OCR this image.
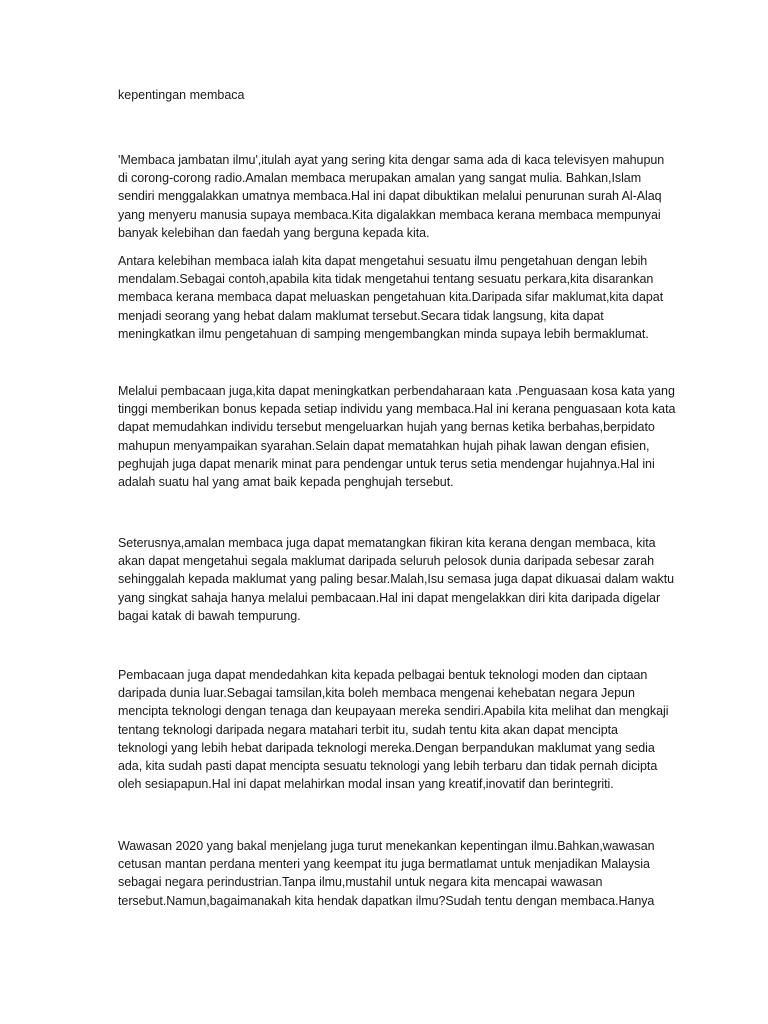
kepentingan membaca
'Membaca jambatan ilmu',itulah ayat yang sering kita dengar sama ada di kaca televisyen mahupun
di corong-corong radio.Amalan membaca merupakan amalan yang sangat mulia. Bahkan,Islam
sendiri menggalakkan umatnya membaca.Hal ini dapat dibuktikan melalui penurunan surah Al-Alaq
yang menyeru manusia supaya membaca.Kita digalakkan membaca kerana membaca mempunyai
banyak kelebihan dan faedah yang berguna kepada kita.
Antara kelebihan membaca ialah kita dapat mengetahui sesuatu ilmu pengetahuan dengan lebih
mendalam.Sebagai contoh,apabila kita tidak mengetahui tentang sesuatu perkara,kita disarankan
membaca kerana membaca dapat meluaskan pengetahuan kita.Daripada sifar maklumat,kita dapat
menjadi seorang yang hebat dalam maklumat tersebut.Secara tidak langsung, kita dapat
meningkatkan ilmu pengetahuan di samping mengembangkan minda supaya lebih bermaklumat.
Melalui pembacaan juga,kita dapat meningkatkan perbendaharaan kata .Penguasaan kosa kata yang
tinggi memberikan bonus kepada setiap individu yang membaca.Hal ini kerana penguasaan kota kata
dapat memudahkan individu tersebut mengeluarkan hujah yang bernas ketika berbahas,berpidato
mahupun menyampaikan syarahan.Selain dapat mematahkan hujah pihak lawan dengan efisien,
peghujah juga dapat menarik minat para pendengar untuk terus setia mendengar hujahnya.Hal ini
adalah suatu hal yang amat baik kepada penghujah tersebut.
Seterusnya,amalan membaca juga dapat mematangkan fikiran kita kerana dengan membaca, kita
akan dapat mengetahui segala maklumat daripada seluruh pelosok dunia daripada sebesar zarah
sehinggalah kepada maklumat yang paling besar.Malah,Isu semasa juga dapat dikuasai dalam waktu
yang singkat sahaja hanya melalui pembacaan.Hal ini dapat mengelakkan diri kita daripada digelar
bagai katak di bawah tempurung.
Pembacaan juga dapat mendedahkan kita kepada pelbagai bentuk teknologi moden dan ciptaan
daripada dunia luar.Sebagai tamsilan,kita boleh membaca mengenai kehebatan negara Jepun
mencipta teknologi dengan tenaga dan keupayaan mereka sendiri.Apabila kita melihat dan mengkaji
tentang teknologi daripada negara matahari terbit itu, sudah tentu kita akan dapat mencipta
teknologi yang lebih hebat daripada teknologi mereka.Dengan berpandukan maklumat yang sedia
ada, kita sudah pasti dapat mencipta sesuatu teknologi yang lebih terbaru dan tidak pernah dicipta
oleh sesiapapun.Hal ini dapat melahirkan modal insan yang kreatif,inovatif dan berintegriti.
Wawasan 2020 yang bakal menjelang juga turut menekankan kepentingan ilmu.Bahkan,wawasan
cetusan mantan perdana menteri yang keempat itu juga bermatlamat untuk menjadikan Malaysia
sebagai negara perindustrian.Tanpa ilmu,mustahil untuk negara kita mencapai wawasan
tersebut.Namun,bagaimanakah kita hendak dapatkan ilmu?Sudah tentu dengan membaca.Hanya
